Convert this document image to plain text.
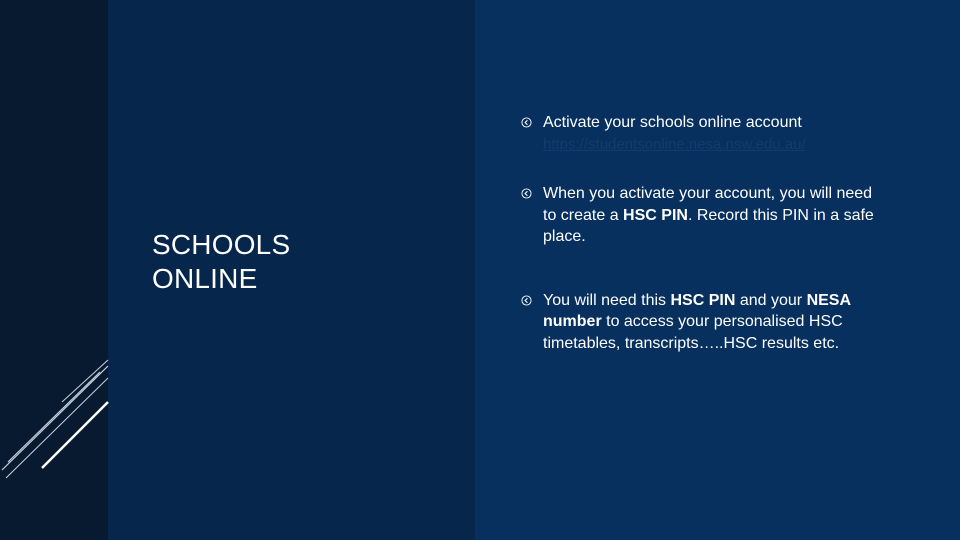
SCHOOLS
ONLINE
Activate your schools online account
https://studentsonline.nesa.nsw.edu.au/
When you activate your account, you will need to create a HSC PIN. Record this PIN in a safe place.
You will need this HSC PIN and your NESA number to access your personalised HSC timetables, transcripts…..HSC results etc.
